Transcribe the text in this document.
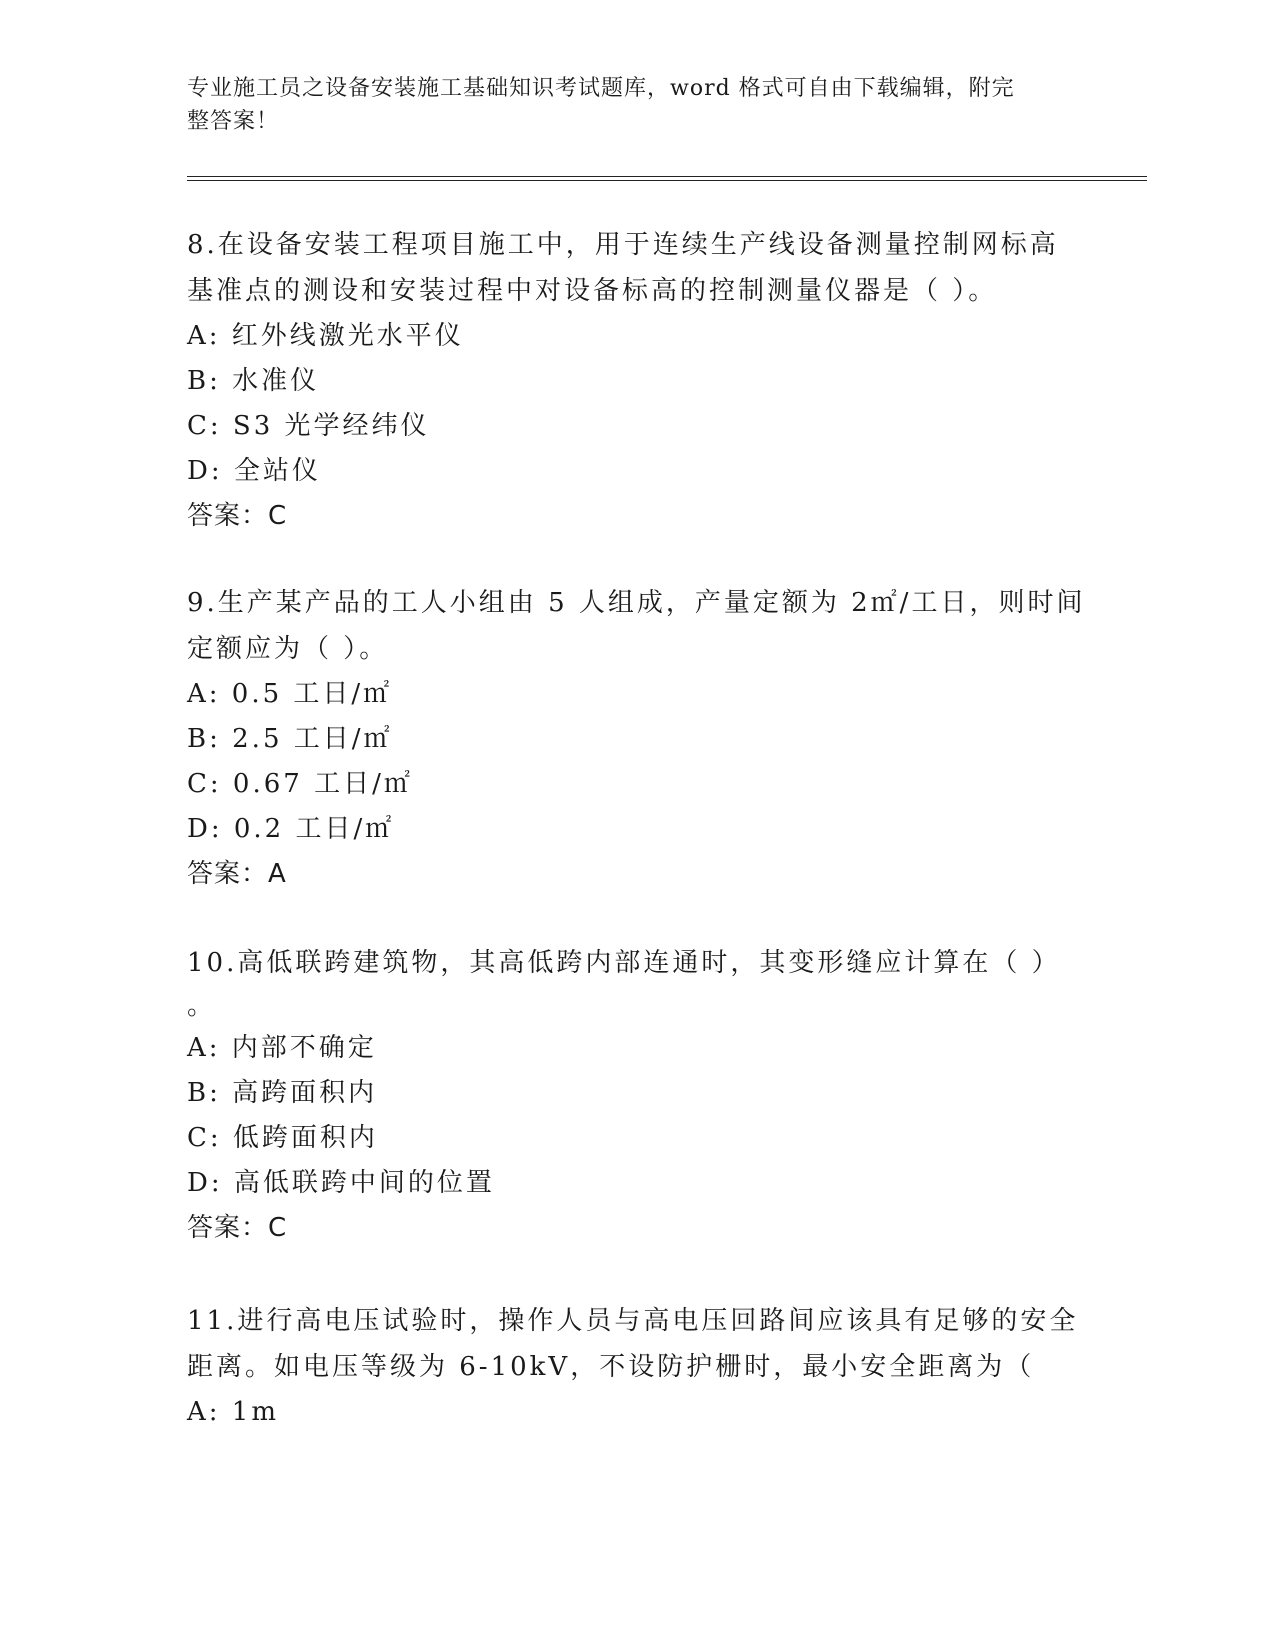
专业施工员之设备安装施工基础知识考试题库，word 格式可自由下载编辑，附完
整答案！

8.在设备安装工程项目施工中，用于连续生产线设备测量控制网标高

基准点的测设和安装过程中对设备标高的控制测量仪器是（ ）。

A: 红外线激光水平仪

B: 水准仪

C: S3 光学经纬仪

D: 全站仪

答案：C

9.生产某产品的工人小组由 5 人组成，产量定额为 2㎡/工日，则时间

定额应为（ ）。

A: 0.5 工日/㎡

B: 2.5 工日/㎡

C: 0.67 工日/㎡

D: 0.2 工日/㎡

答案：A

10.高低联跨建筑物，其高低跨内部连通时，其变形缝应计算在（ ）

。

A: 内部不确定

B: 高跨面积内

C: 低跨面积内

D: 高低联跨中间的位置

答案：C

11.进行高电压试验时，操作人员与高电压回路间应该具有足够的安全

距离。如电压等级为 6-10kV，不设防护栅时，最小安全距离为（

A: 1m
